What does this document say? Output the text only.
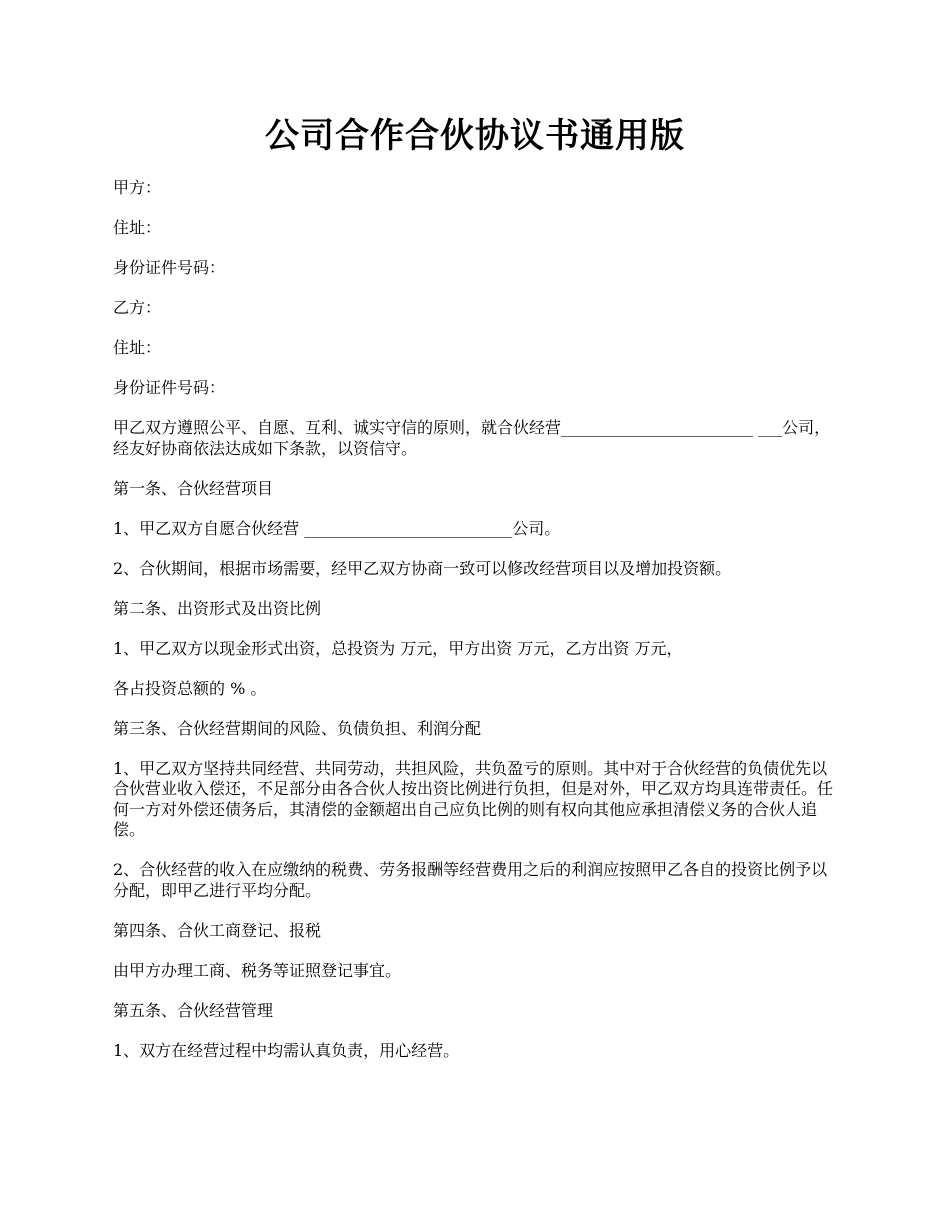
公司合作合伙协议书通用版

甲方：

住址：

身份证件号码：

乙方：

住址：

身份证件号码：

甲乙双方遵照公平、自愿、互利、诚实守信的原则，就合伙经营________________________ ___公司，经友好协商依法达成如下条款，以资信守。

第一条、合伙经营项目

1、甲乙双方自愿合伙经营 __________________________公司。

2、合伙期间，根据市场需要，经甲乙双方协商一致可以修改经营项目以及增加投资额。

第二条、出资形式及出资比例

1、甲乙双方以现金形式出资，总投资为 万元，甲方出资 万元，乙方出资 万元，

各占投资总额的 % 。

第三条、合伙经营期间的风险、负债负担、利润分配

1、甲乙双方坚持共同经营、共同劳动，共担风险，共负盈亏的原则。其中对于合伙经营的负债优先以合伙营业收入偿还，不足部分由各合伙人按出资比例进行负担，但是对外，甲乙双方均具连带责任。任何一方对外偿还债务后，其清偿的金额超出自己应负比例的则有权向其他应承担清偿义务的合伙人追偿。

2、合伙经营的收入在应缴纳的税费、劳务报酬等经营费用之后的利润应按照甲乙各自的投资比例予以分配，即甲乙进行平均分配。

第四条、合伙工商登记、报税

由甲方办理工商、税务等证照登记事宜。

第五条、合伙经营管理

1、双方在经营过程中均需认真负责，用心经营。
